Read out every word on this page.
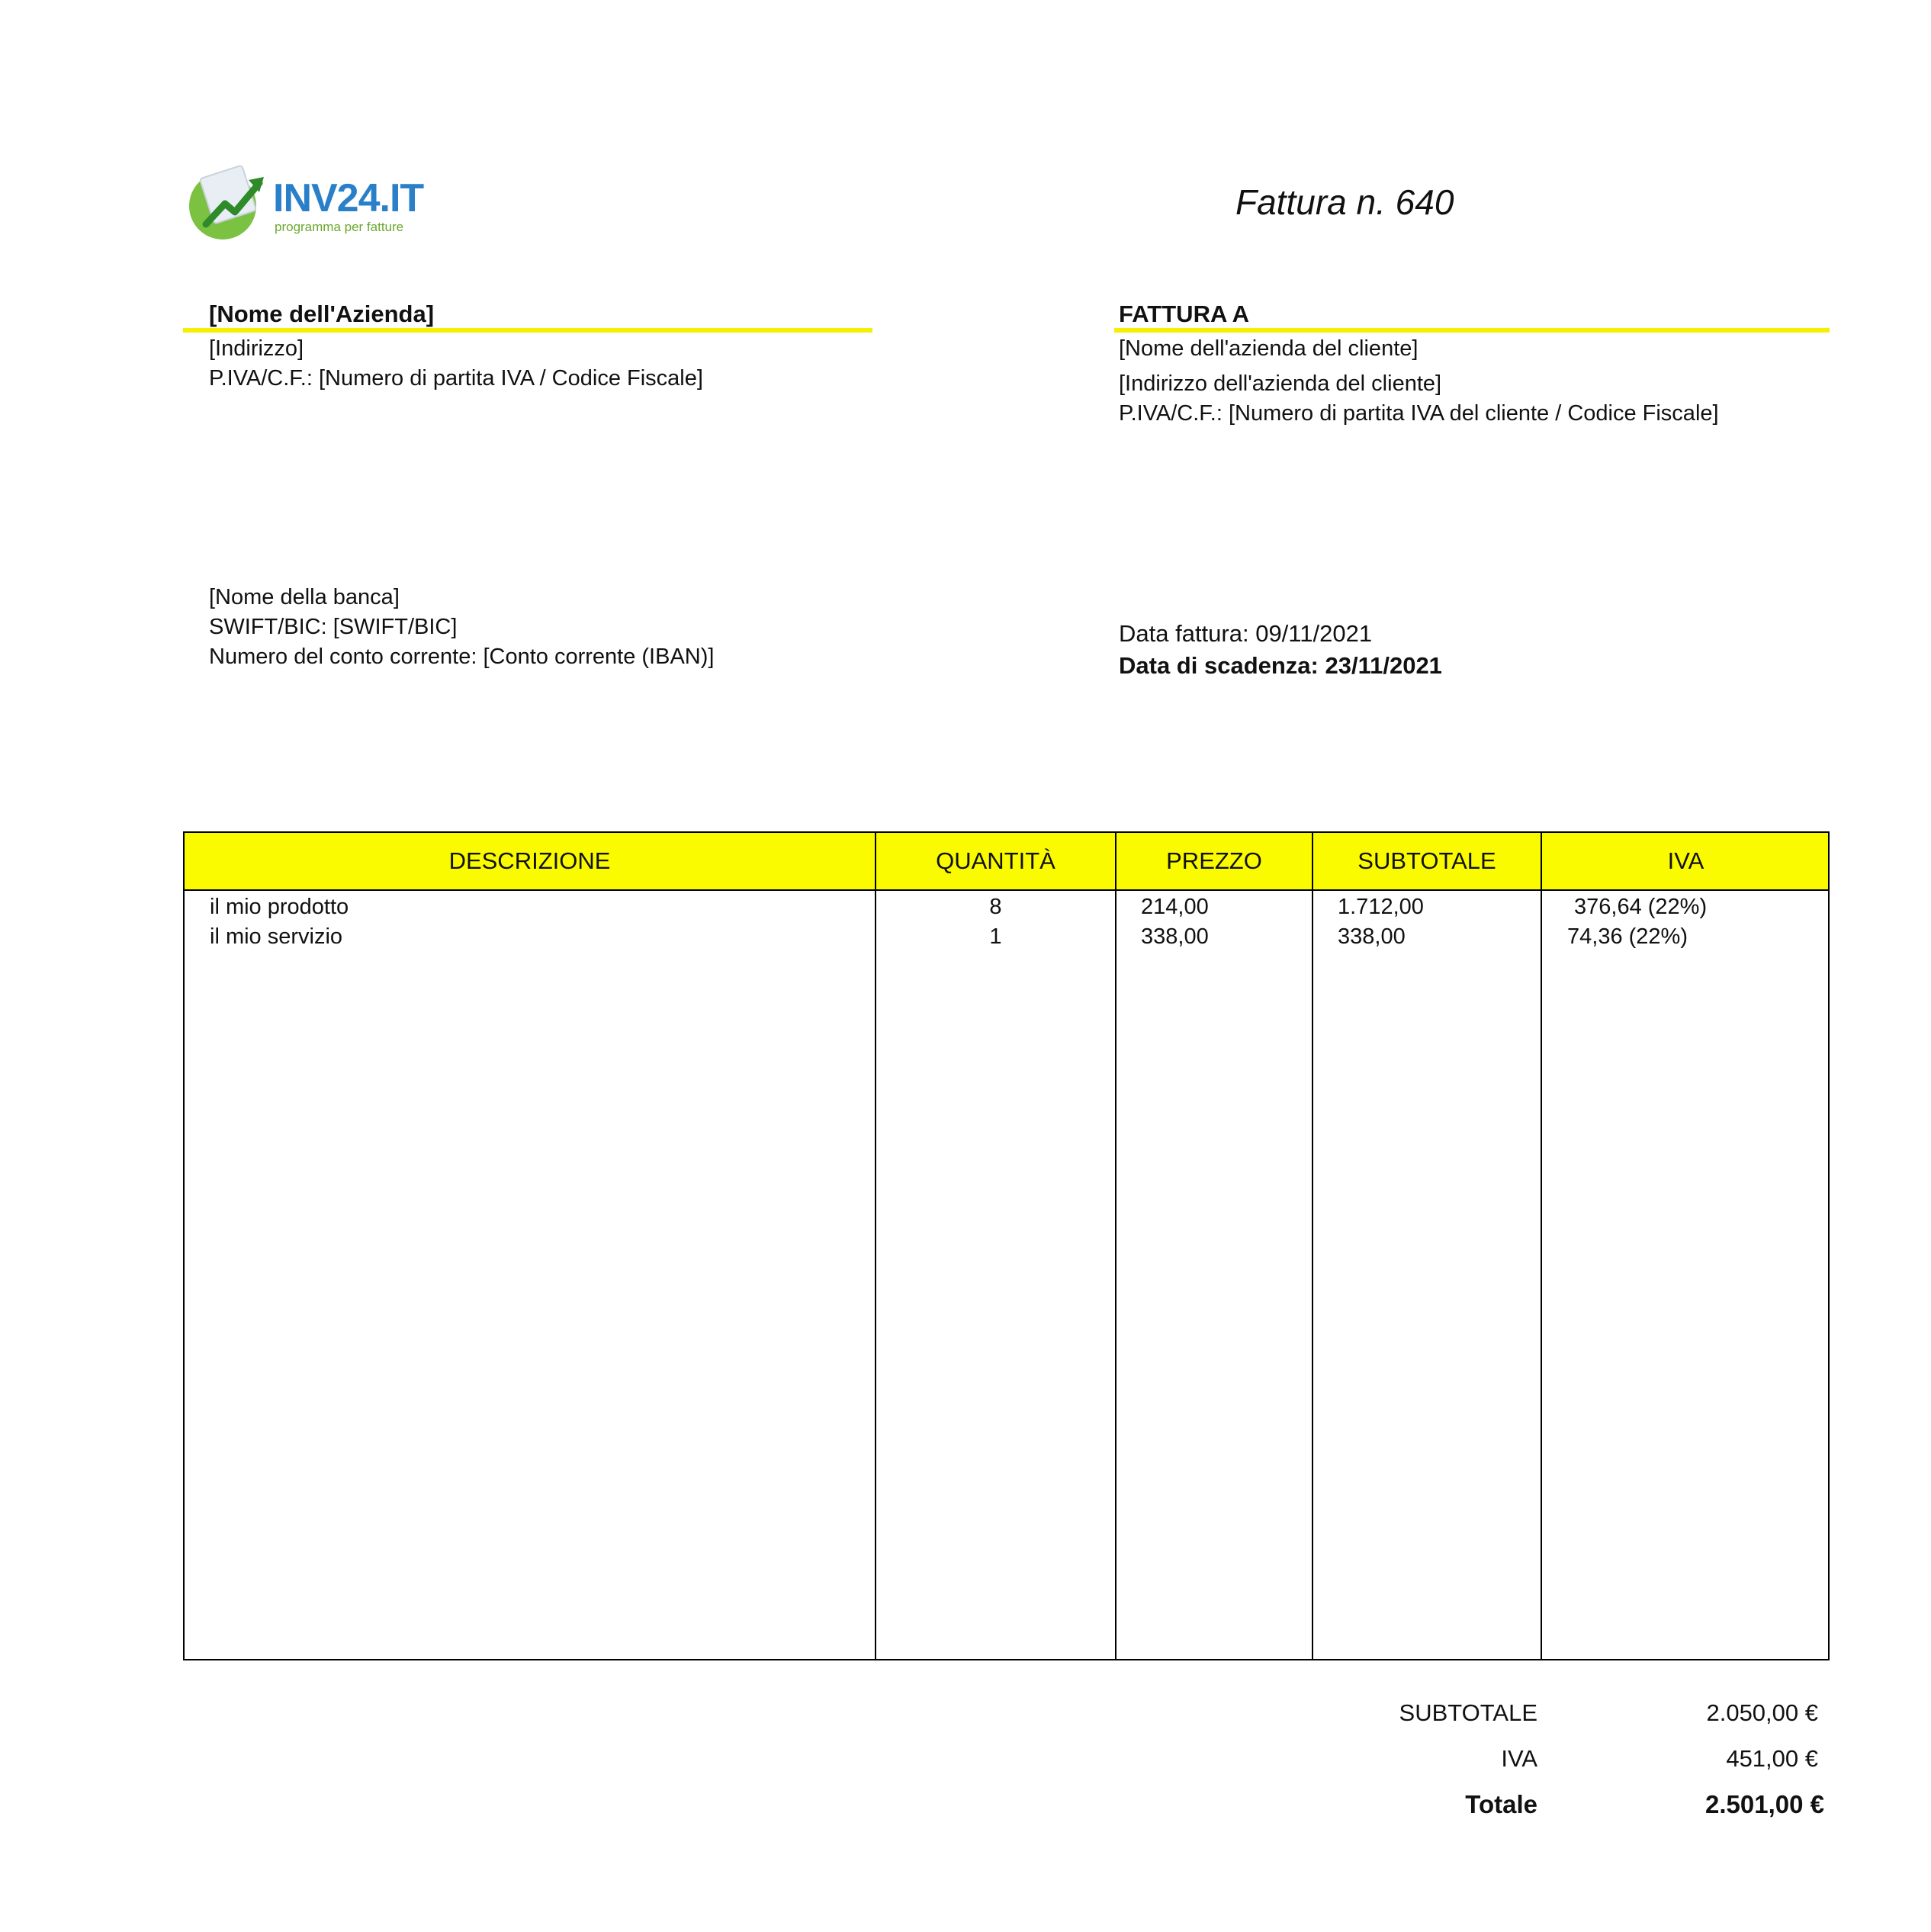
INV24.IT
programma per fatture
Fattura n. 640
[Nome dell'Azienda]
[Indirizzo]
P.IVA/C.F.: [Numero di partita IVA / Codice Fiscale]
FATTURA A
[Nome dell'azienda del cliente]
[Indirizzo dell'azienda del cliente]
P.IVA/C.F.: [Numero di partita IVA del cliente / Codice Fiscale]
[Nome della banca]
SWIFT/BIC: [SWIFT/BIC]
Numero del conto corrente: [Conto corrente (IBAN)]
Data fattura: 09/11/2021
Data di scadenza: 23/11/2021
DESCRIZIONE	QUANTITÀ	PREZZO	SUBTOTALE	IVA
il mio prodotto	8	214,00	1.712,00	376,64 (22%)
il mio servizio	1	338,00	338,00	74,36 (22%)
SUBTOTALE	2.050,00 €
IVA	451,00 €
Totale	2.501,00 €
